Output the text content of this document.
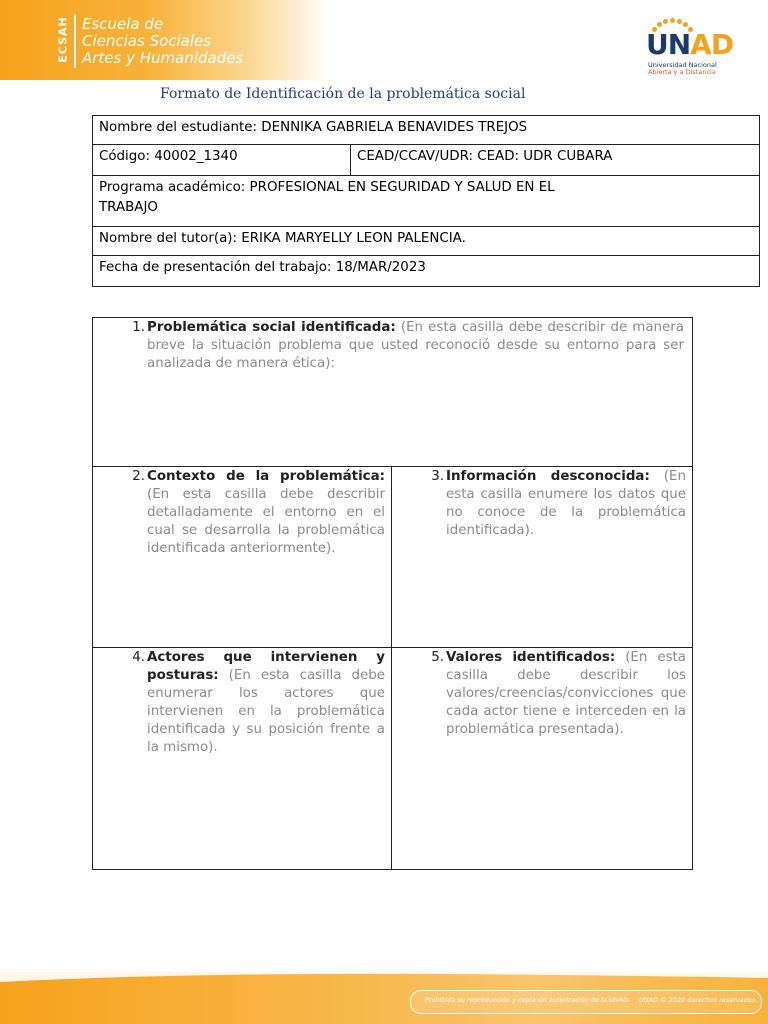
ECSAH Escuela de
Ciencias Sociales
Artes y Humanidades	UNAD
Universidad Nacional
Abierta y a Distancia
Formato de Identificación de la problemática social
Nombre del estudiante: DENNIKA GABRIELA BENAVIDES TREJOS
Código: 40002_1340	CEAD/CCAV/UDR: CEAD: UDR CUBARA

Programa académico: PROFESIONAL EN SEGURIDAD Y SALUD EN EL
TRABAJO

Nombre del tutor(a): ERIKA MARYELLY LEON PALENCIA.
Fecha de presentación del trabajo: 18/MAR/2023
1. Problemática social identificada: (En esta casilla debe describir de manera breve la situación problema que usted reconoció desde su entorno para ser analizada de manera ética):	

2. Contexto de la problemática: (En esta casilla debe describir detalladamente el entorno en el cual se desarrolla la problemática identificada anteriormente).	3. Información desconocida: (En esta casilla enumere los datos que no conoce de la problemática identificada).

4. Actores que intervienen y posturas: (En esta casilla debe enumerar los actores que intervienen en la problemática identificada y su posición frente a la mismo).	5. Valores identificados: (En esta casilla debe describir los valores/creencias/convicciones que cada actor tiene e interceden en la problemática presentada).
Prohibida su reproducción y copia sin autorización de la UNAD. UNAD © 2020 derechos reservados.
